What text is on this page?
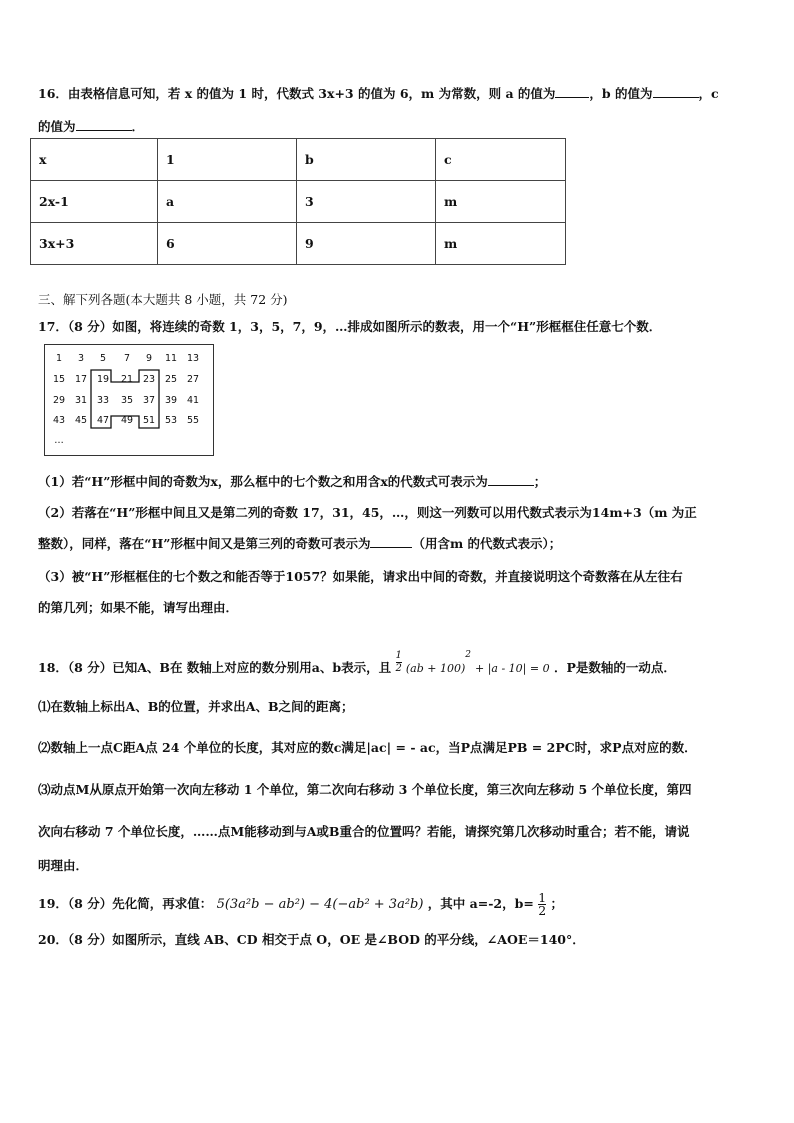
16．由表格信息可知，若 x 的值为 1 时，代数式 3x+3 的值为 6，m 为常数，则 a 的值为	，b 的值为	，c
的值为	．
x	1	b	c
2x-1	a	3	m
3x+3	6	9	m
三、解下列各题(本大题共 8 小题，共 72 分)
17．（8 分）如图，将连续的奇数 1，3，5，7，9，…排成如图所示的数表，用一个“H”形框框住任意七个数．
1	3	5	7	9	11	13
15	17	19	21	23	25	27
29	31	33	35	37	39	41
43	45	47	49	51	53	55
…
（1）若“H”形框中间的奇数为x，那么框中的七个数之和用含x的代数式可表示为	；
（2）若落在“H”形框中间且又是第二列的奇数 17，31，45，…，则这一列数可以用代数式表示为14m+3（m 为正
整数），同样，落在“H”形框中间又是第三列的奇数可表示为	（用含m 的代数式表示）；
（3）被“H”形框框住的七个数之和能否等于1057？如果能，请求出中间的奇数，并直接说明这个奇数落在从左往右
的第几列；如果不能，请写出理由．
18．（8 分）已知A、B在 数轴上对应的数分别用a、b表示，且 $\frac{1}{2} (ab + 100)^2 + |a - 10| = 0$ ．P是数轴的一动点．
⑴在数轴上标出A、B的位置，并求出A、B之间的距离；
⑵数轴上一点C距A点 24 个单位的长度，其对应的数c满足|ac| = - ac，当P点满足PB = 2PC时，求P点对应的数．
⑶动点M从原点开始第一次向左移动 1 个单位，第二次向右移动 3 个单位长度，第三次向左移动 5 个单位长度，第四
次向右移动 7 个单位长度，……点M能移动到与A或B重合的位置吗？若能，请探究第几次移动时重合；若不能，请说
明理由．
19．（8 分）先化简，再求值： 5(3a²b − ab²) − 4(−ab² + 3a²b) ，其中 a=-2，$b= \frac{1}{2}$ ；
20．（8 分）如图所示，直线 AB、CD 相交于点 O，OE 是∠BOD 的平分线，∠AOE＝140°．
